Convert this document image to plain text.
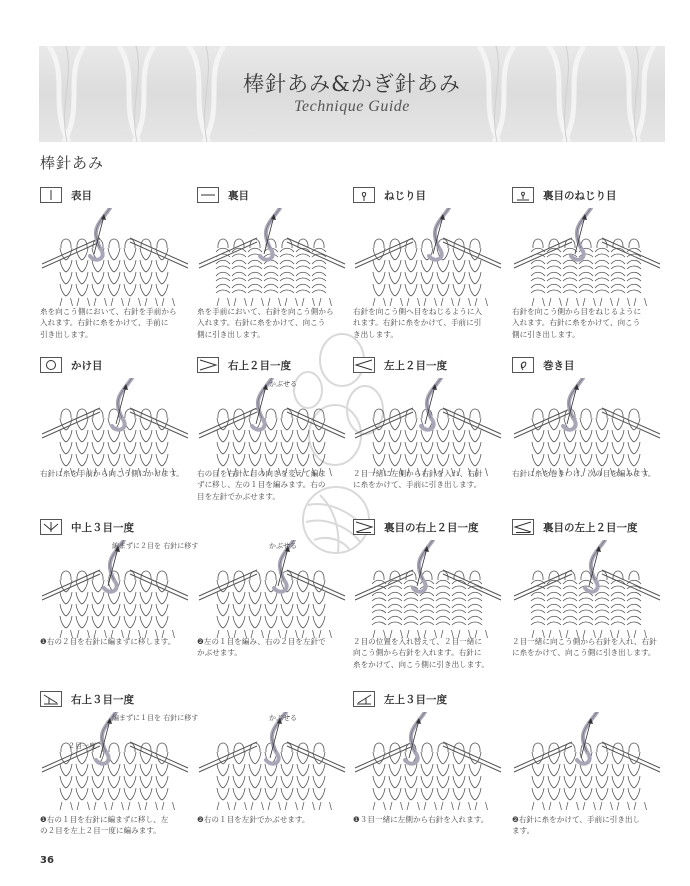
棒針あみ&かぎ針あみ
Technique Guide
棒針あみ
表目
糸を向こう側において、右針を手前から
入れます。右針に糸をかけて、手前に
引き出します。
裏目
糸を手前において、右針を向こう側から
入れます。右針に糸をかけて、向こう
側に引き出します。
ねじり目
右針を向こう側へ目をねじるように入
れます。右針に糸をかけて、手前に引
き出します。
裏目のねじり目
右針を向こう側から目をねじるように
入れます。右針に糸をかけて、向こう
側に引き出します。
かけ目
右針に糸を手前から向こう側にかけます。
右上２目一度
かぶせる
右の目を右針に目の向きを変えて編ま
ずに移し、左の１目を編みます。右の
目を左針でかぶせます。
左上２目一度
２目一緒に左側から右針を入れ、右針
に糸をかけて、手前に引き出します。
巻き目
右針に糸を巻きつけ、次の目を編みます。
中上３目一度
編まずに２目を 右針に移す
❶右の２目を右針に編まずに移します。
かぶせる
❷左の１目を編み、右の２目を左針で
かぶせます。
裏目の右上２目一度
２目の位置を入れ替えて、２目一緒に
向こう側から右針を入れます。右針に
糸をかけて、向こう側に引き出します。
裏目の左上２目一度
２目一緒に向こう側から右針を入れ、右針
に糸をかけて、向こう側に引き出します。
右上３目一度
編まずに１目を 右針に移す
２目一度
❶右の１目を右針に編まずに移し、左
の２目を左上２目一度に編みます。
かぶせる
❷右の１目を左針でかぶせます。
左上３目一度
❶３目一緒に左側から右針を入れます。	❷右針に糸をかけて、手前に引き出し
ます。
36
